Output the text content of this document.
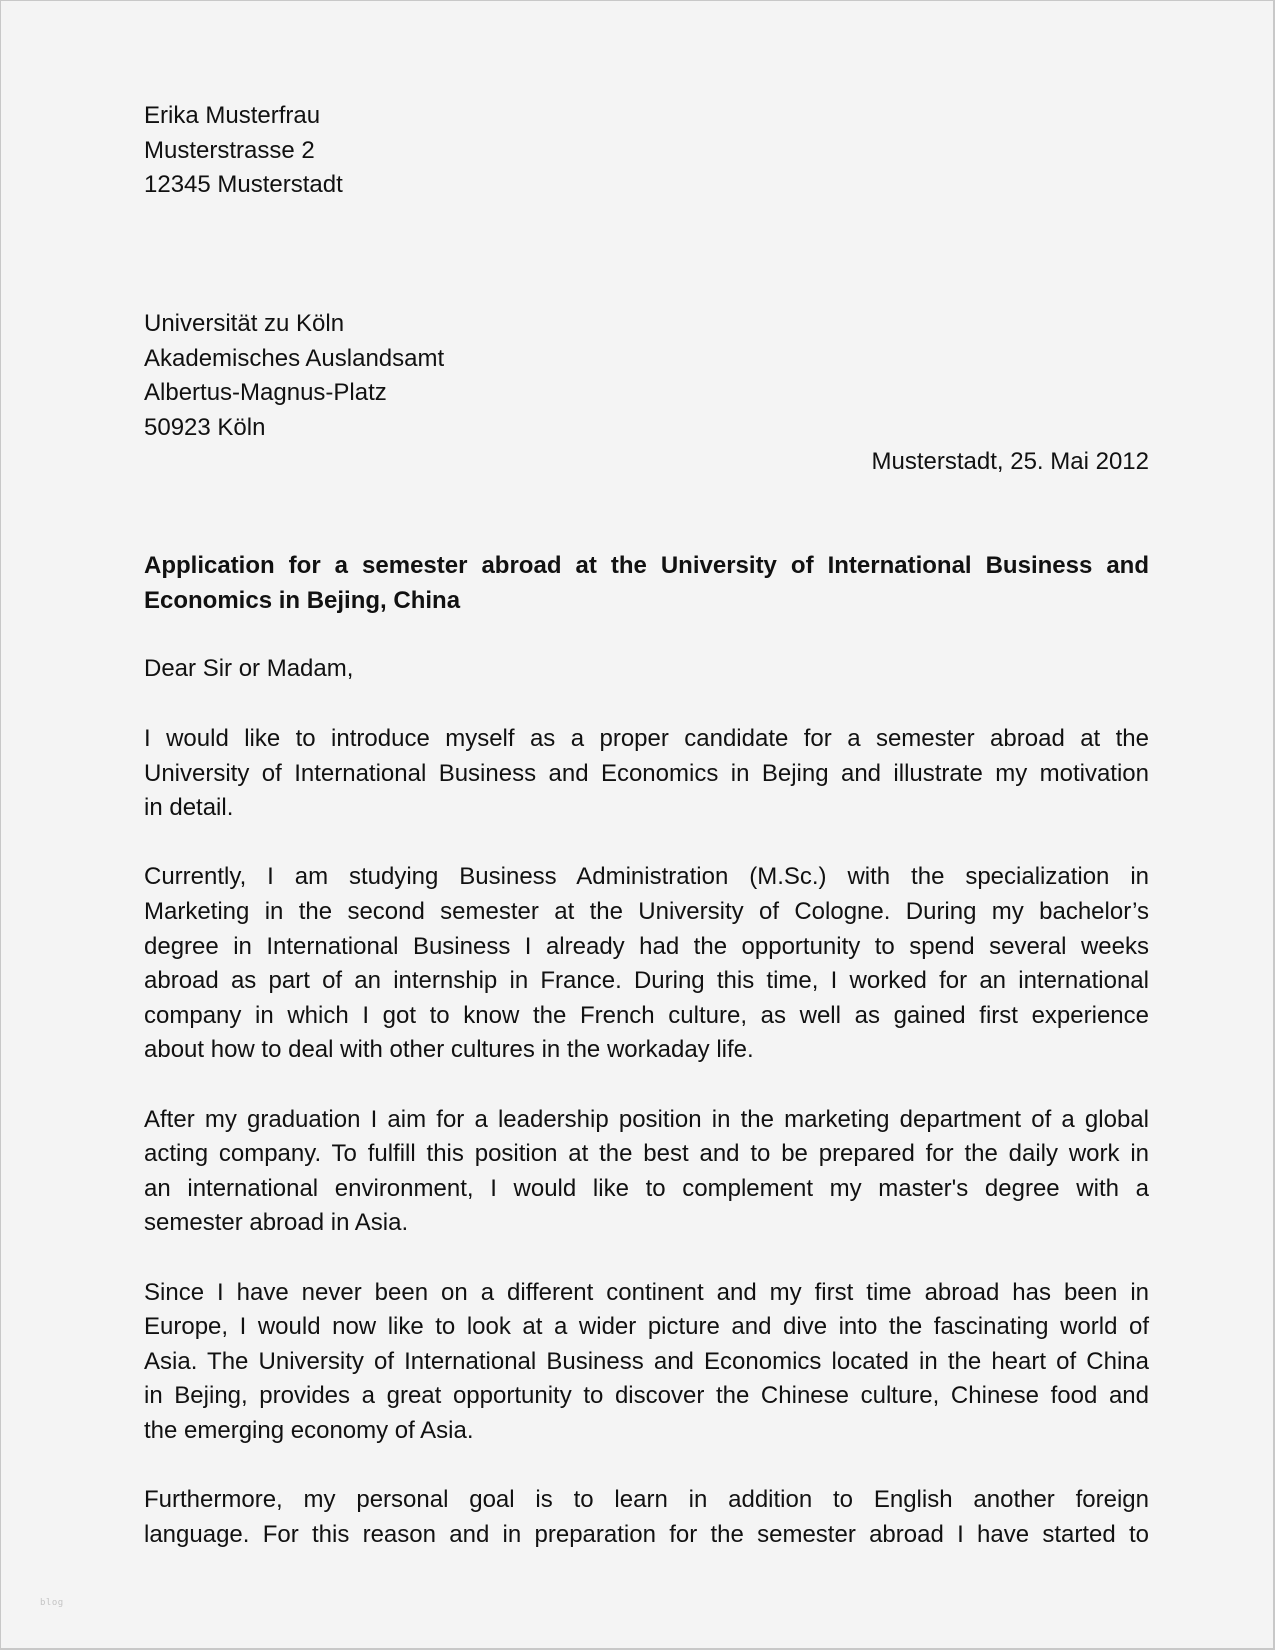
Erika Musterfrau
Musterstrasse 2
12345 Musterstadt
Universität zu Köln
Akademisches Auslandsamt
Albertus-Magnus-Platz
50923 Köln
Musterstadt, 25. Mai 2012
Application for a semester abroad at the University of International Business and
Economics in Bejing, China
Dear Sir or Madam,
I would like to introduce myself as a proper candidate for a semester abroad at the
University of International Business and Economics in Bejing and illustrate my motivation
in detail.
Currently, I am studying Business Administration (M.Sc.) with the specialization in
Marketing in the second semester at the University of Cologne. During my bachelor’s
degree in International Business I already had the opportunity to spend several weeks
abroad as part of an internship in France. During this time, I worked for an international
company in which I got to know the French culture, as well as gained first experience
about how to deal with other cultures in the workaday life.
After my graduation I aim for a leadership position in the marketing department of a global
acting company. To fulfill this position at the best and to be prepared for the daily work in
an international environment, I would like to complement my master's degree with a
semester abroad in Asia.
Since I have never been on a different continent and my first time abroad has been in
Europe, I would now like to look at a wider picture and dive into the fascinating world of
Asia. The University of International Business and Economics located in the heart of China
in Bejing, provides a great opportunity to discover the Chinese culture, Chinese food and
the emerging economy of Asia.
Furthermore, my personal goal is to learn in addition to English another foreign
language. For this reason and in preparation for the semester abroad I have started to
blog
